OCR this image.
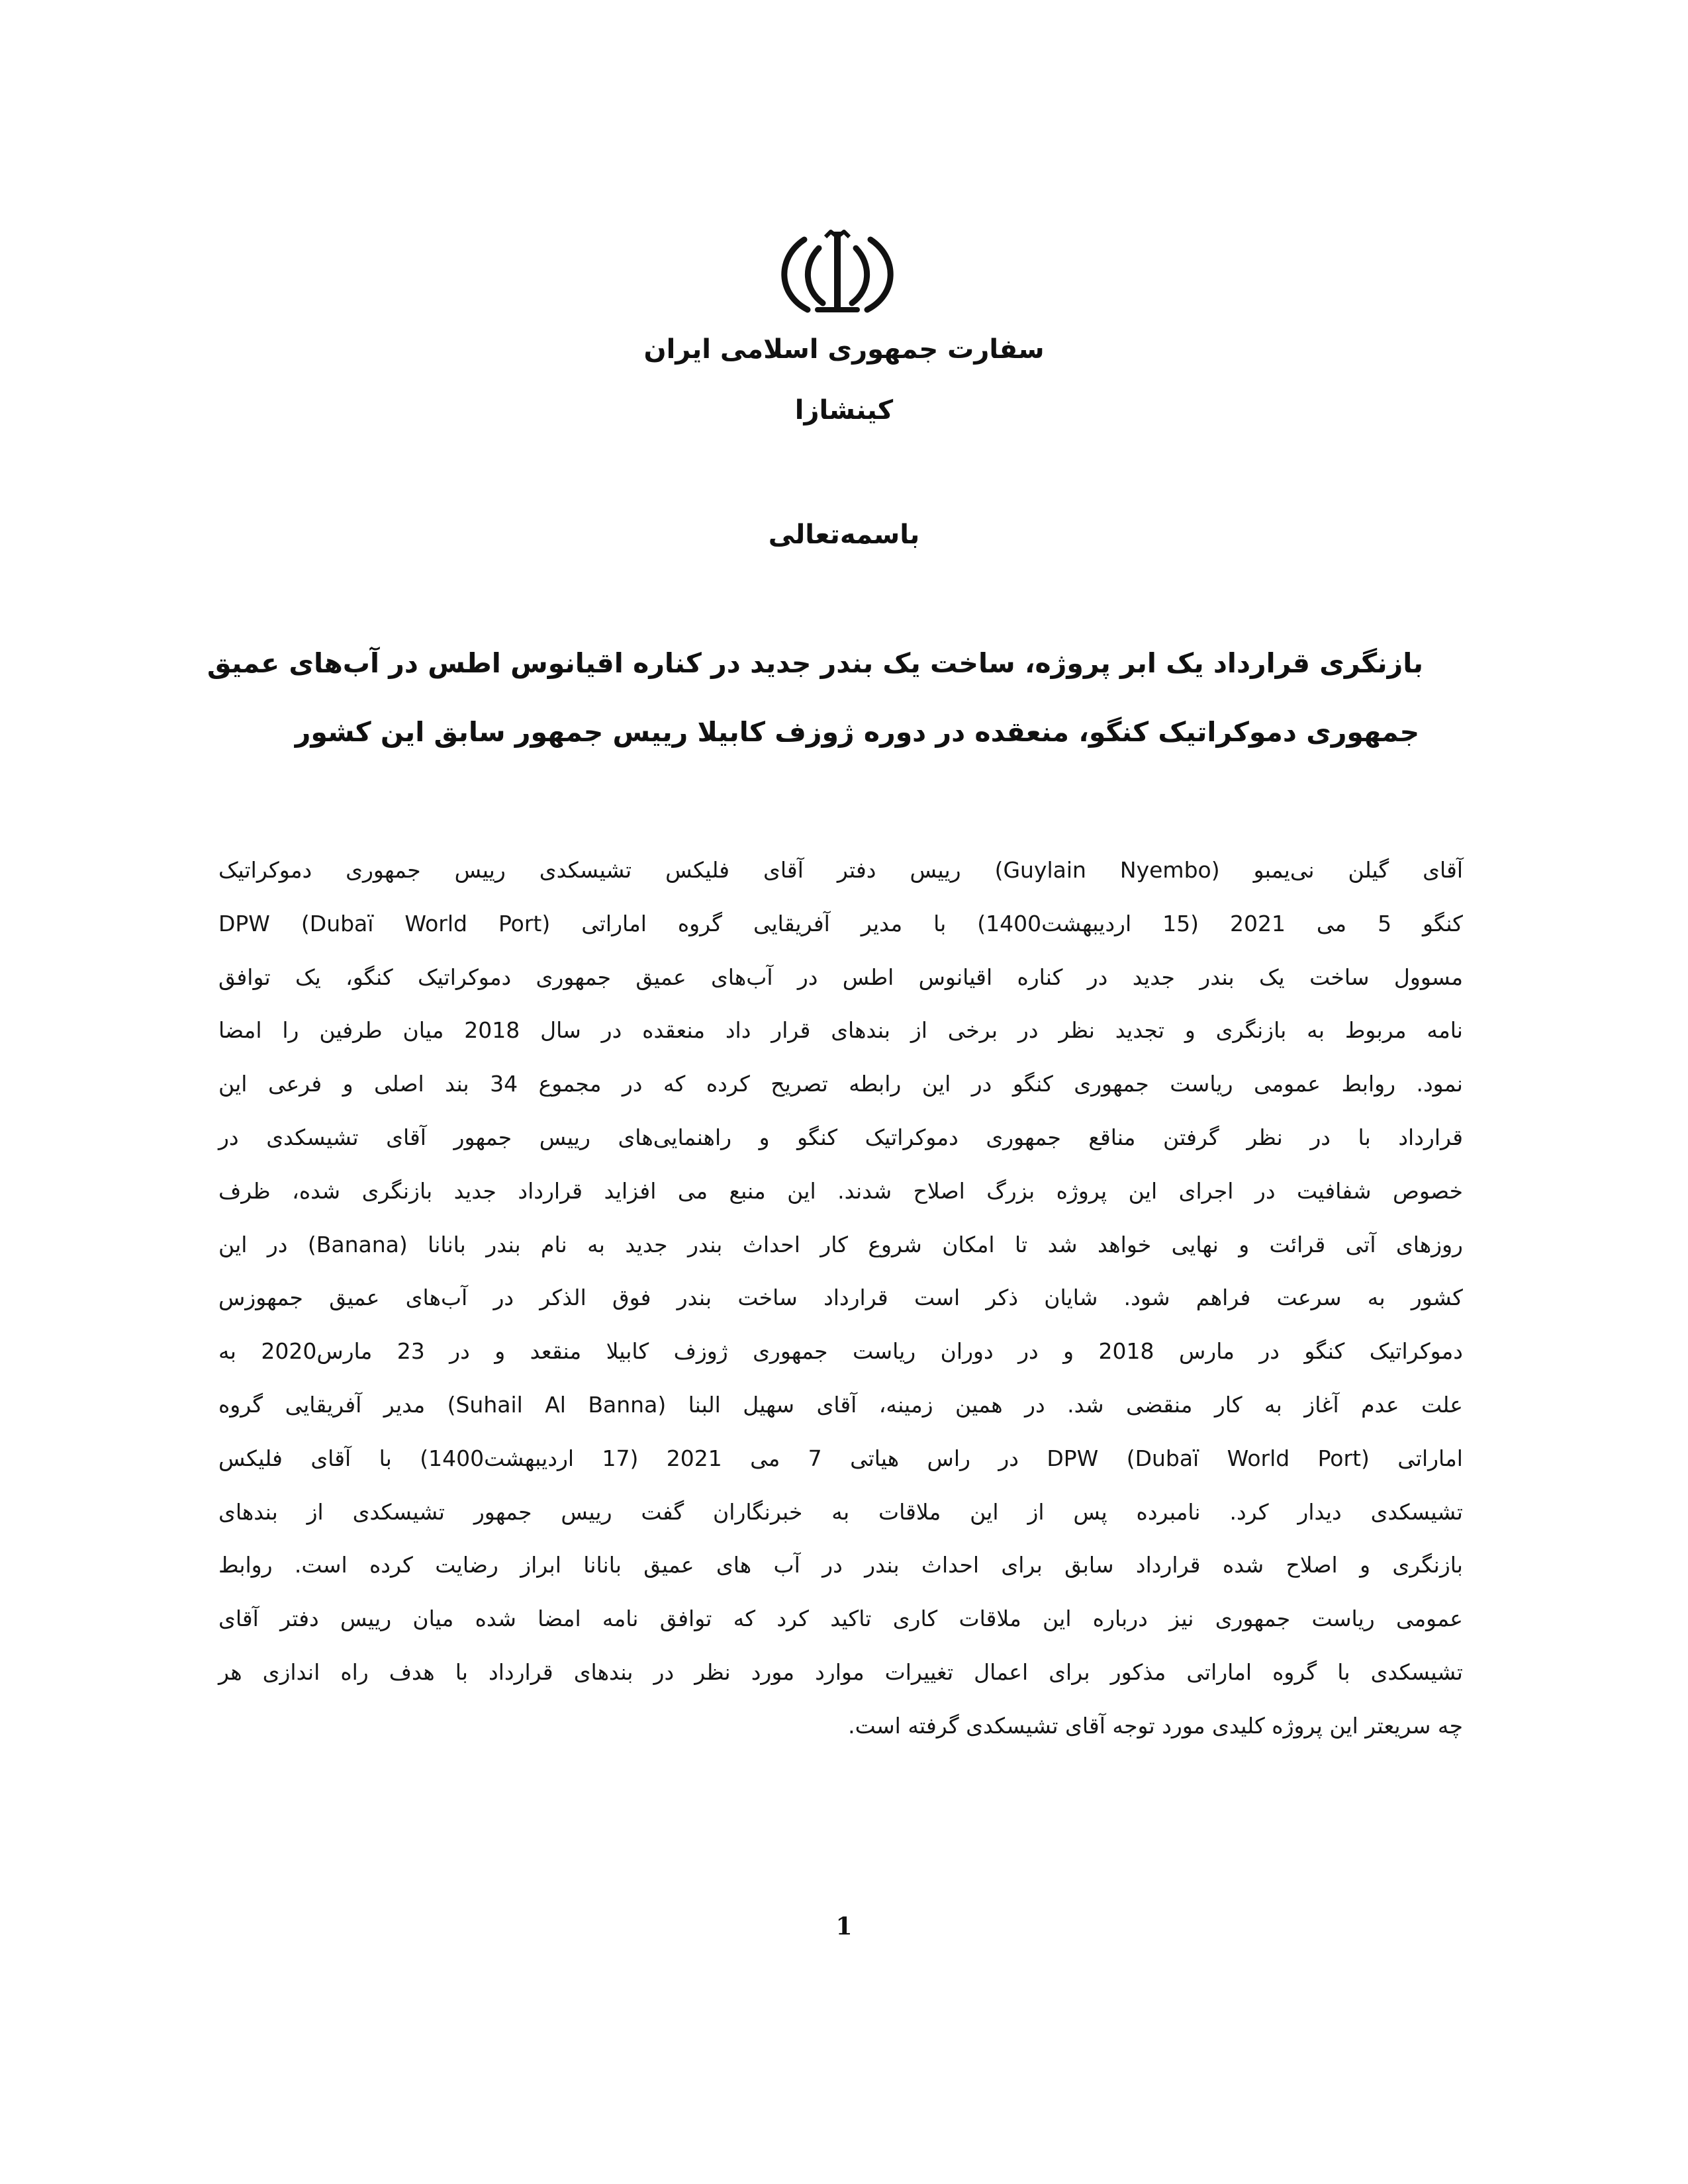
سفارت جمهوری اسلامی ایران
کینشازا
باسمه‌تعالی
بازنگری قرارداد یک ابر پروژه، ساخت یک بندر جدید در کناره اقیانوس اطس در آب‌های عمیق
جمهوری دموکراتیک کنگو، منعقده در دوره ژوزف کابیلا رییس جمهور سابق این کشور
آقای گیلن نی‌یمبو (Guylain Nyembo) رییس دفتر آقای فلیکس تشیسکدی رییس جمهوری دموکراتیک
کنگو 5 می 2021 (15 اردیبهشت1400) با مدیر آفریقایی گروه اماراتی DPW (Dubaï World Port)
مسوول ساخت یک بندر جدید در کناره اقیانوس اطس در آب‌های عمیق جمهوری دموکراتیک کنگو، یک توافق
نامه مربوط به بازنگری و تجدید نظر در برخی از بندهای قرار داد منعقده در سال 2018 میان طرفین را امضا
نمود. روابط عمومی ریاست جمهوری کنگو در این رابطه تصریح کرده که در مجموع 34 بند اصلی و فرعی این
قرارداد با در نظر گرفتن مناقع جمهوری دموکراتیک کنگو و راهنمایی‌های رییس جمهور آقای تشیسکدی در
خصوص شفافیت در اجرای این پروژه بزرگ اصلاح شدند. این منبع می افزاید قرارداد جدید بازنگری شده، ظرف
روزهای آتی قرائت و نهایی خواهد شد تا امکان شروع کار احداث بندر جدید به نام بندر بانانا (Banana) در این
کشور به سرعت فراهم شود. شایان ذکر است قرارداد ساخت بندر فوق الذکر در آب‌های عمیق جمهوزس
دموکراتیک کنگو در مارس 2018 و در دوران ریاست جمهوری ژوزف کابیلا منقعد و در 23 مارس2020 به
علت عدم آغاز به کار منقضی شد. در همین زمینه، آقای سهیل البنا (Suhail Al Banna) مدیر آفریقایی گروه
اماراتی DPW (Dubaï World Port) در راس هیاتی 7 می 2021 (17 اردیبهشت1400) با آقای فلیکس
تشیسکدی دیدار کرد. نامبرده پس از این ملاقات به خبرنگاران گفت رییس جمهور تشیسکدی از بندهای
بازنگری و اصلاح شده قرارداد سابق برای احداث بندر در آب های عمیق بانانا ابراز رضایت کرده است. روابط
عمومی ریاست جمهوری نیز درباره این ملاقات کاری تاکید کرد که توافق نامه امضا شده میان رییس دفتر آقای
تشیسکدی با گروه اماراتی مذکور برای اعمال تغییرات موارد مورد نظر در بندهای قرارداد با هدف راه اندازی هر
چه سریعتر این پروژه کلیدی مورد توجه آقای تشیسکدی گرفته است.
1
